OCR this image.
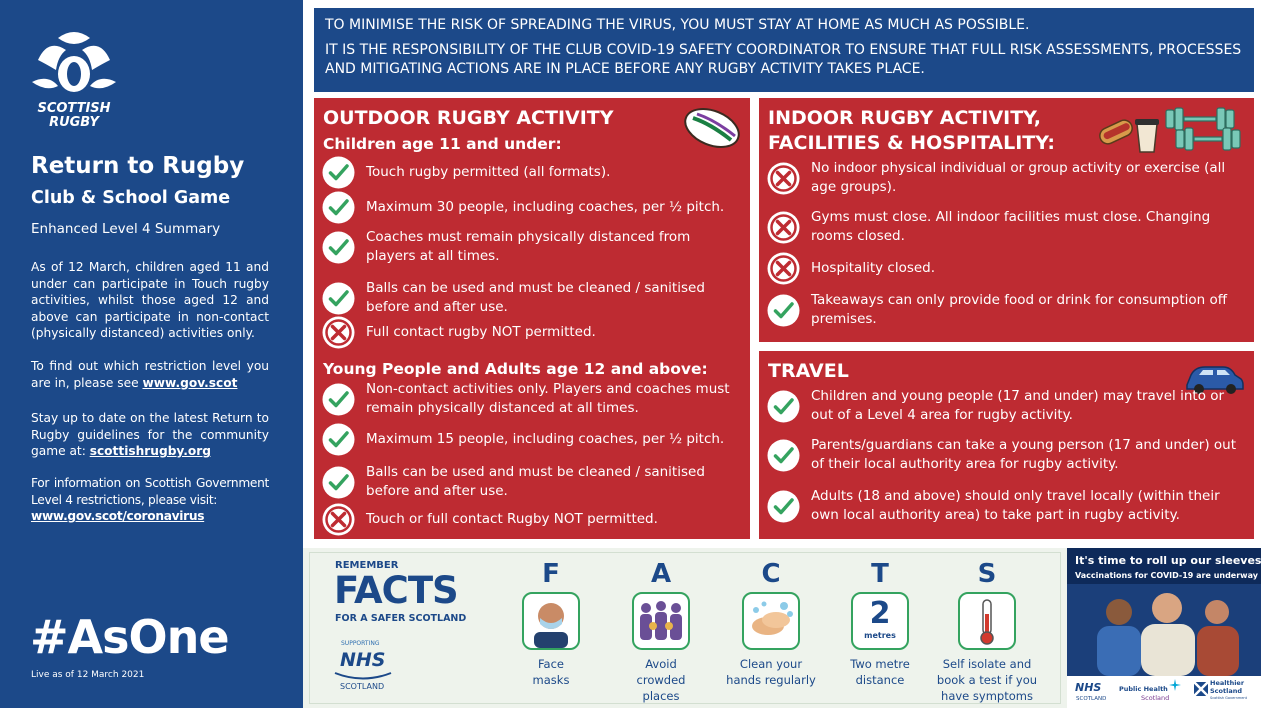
SCOTTISH
RUGBY
Return to Rugby
Club & School Game
Enhanced Level 4 Summary
As of 12 March, children aged 11 and under can participate in Touch rugby activities, whilst those aged 12 and above can participate in non-contact (physically distanced) activities only.
To find out which restriction level you are in, please see www.gov.scot
Stay up to date on the latest Return to Rugby guidelines for the community game at: scottishrugby.org
For information on Scottish Government Level 4 restrictions, please visit:
www.gov.scot/coronavirus
#AsOne
Live as of 12 March 2021

TO MINIMISE THE RISK OF SPREADING THE VIRUS, YOU MUST STAY AT HOME AS MUCH AS POSSIBLE.

IT IS THE RESPONSIBILITY OF THE CLUB COVID-19 SAFETY COORDINATOR TO ENSURE THAT FULL RISK ASSESSMENTS, PROCESSES AND MITIGATING ACTIONS ARE IN PLACE BEFORE ANY RUGBY ACTIVITY TAKES PLACE.

OUTDOOR RUGBY ACTIVITY
Children age 11 and under:
Touch rugby permitted (all formats).
Maximum 30 people, including coaches, per ½ pitch.
Coaches must remain physically distanced from players at all times.
Balls can be used and must be cleaned / sanitised before and after use.
Full contact rugby NOT permitted.
Young People and Adults age 12 and above:
Non-contact activities only. Players and coaches must remain physically distanced at all times.
Maximum 15 people, including coaches, per ½ pitch.
Balls can be used and must be cleaned / sanitised before and after use.
Touch or full contact Rugby NOT permitted.
INDOOR RUGBY ACTIVITY,
FACILITIES & HOSPITALITY:
No indoor physical individual or group activity or exercise (all age groups).
Gyms must close. All indoor facilities must close. Changing rooms closed.
Hospitality closed.
Takeaways can only provide food or drink for consumption off premises.
TRAVEL
Children and young people (17 and under) may travel into or out of a Level 4 area for rugby activity.
Parents/guardians can take a young person (17 and under) out of their local authority area for rugby activity.
Adults (18 and above) should only travel locally (within their own local authority area) to take part in rugby activity.
REMEMBER
FACTS
FOR A SAFER SCOTLAND
SUPPORTING
NHS
SCOTLAND
F
Face masks
A
Avoid crowded places
C
Clean your hands regularly
T
2
metres
Two metre distance
S
Self isolate and book a test if you have symptoms
It's time to roll up our sleeves
Vaccinations for COVID-19 are underway
NHS
SCOTLAND
Public Health
Scotland
Healthier
Scotland
Scottish Government
